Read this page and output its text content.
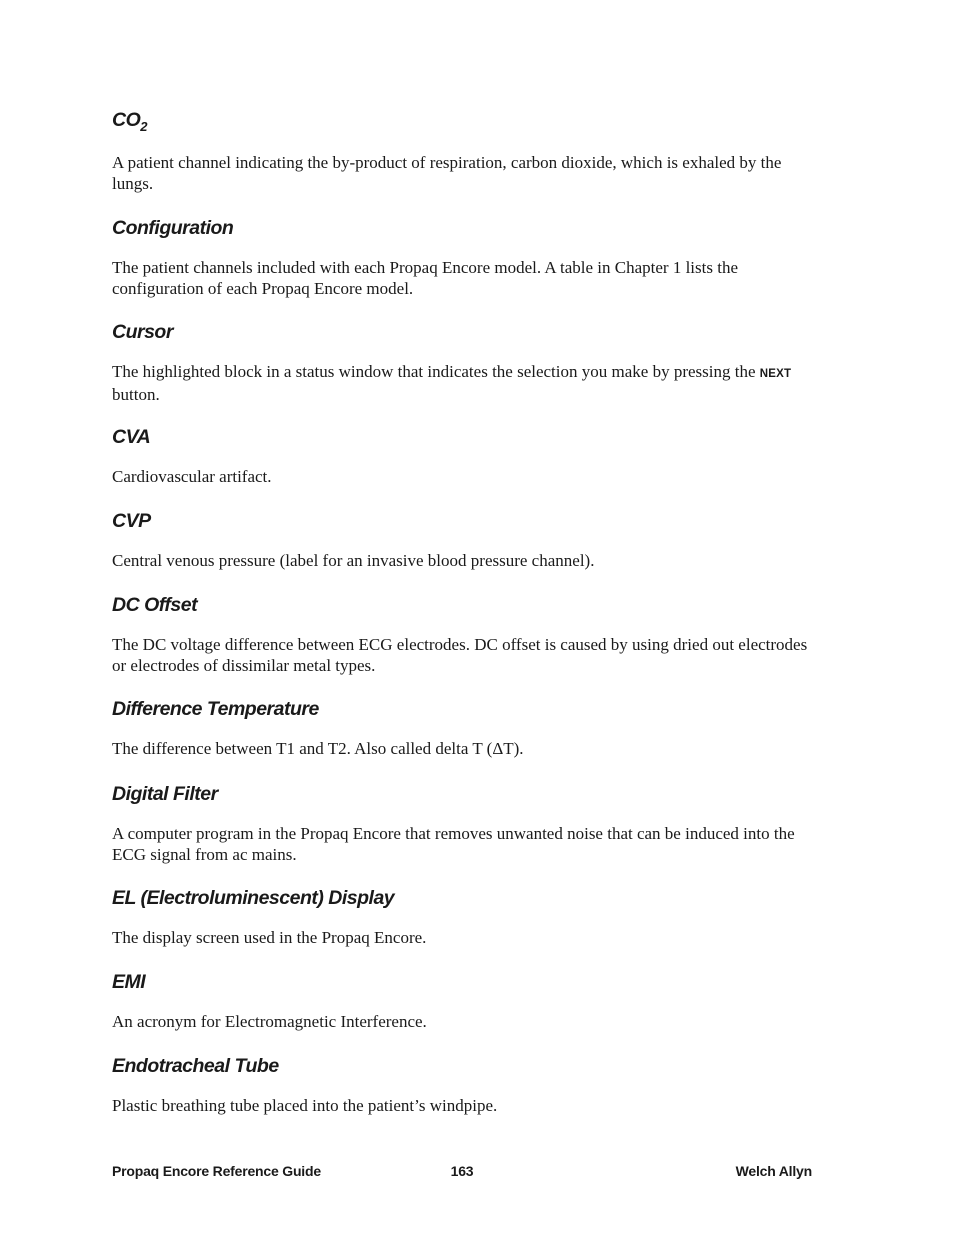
$CO_2$

A patient channel indicating the by-product of respiration, carbon dioxide, which is exhaled by the lungs.

Configuration

The patient channels included with each Propaq Encore model. A table in Chapter 1 lists the configuration of each Propaq Encore model.

Cursor

The highlighted block in a status window that indicates the selection you make by pressing the NEXT button.

CVA

Cardiovascular artifact.

CVP

Central venous pressure (label for an invasive blood pressure channel).

DC Offset

The DC voltage difference between ECG electrodes. DC offset is caused by using dried out electrodes or electrodes of dissimilar metal types.

Difference Temperature

The difference between T1 and T2. Also called delta T (ΔT).

Digital Filter

A computer program in the Propaq Encore that removes unwanted noise that can be induced into the ECG signal from ac mains.

EL (Electroluminescent) Display

The display screen used in the Propaq Encore.

EMI

An acronym for Electromagnetic Interference.

Endotracheal Tube

Plastic breathing tube placed into the patient’s windpipe.

Propaq Encore Reference Guide	163	Welch Allyn
